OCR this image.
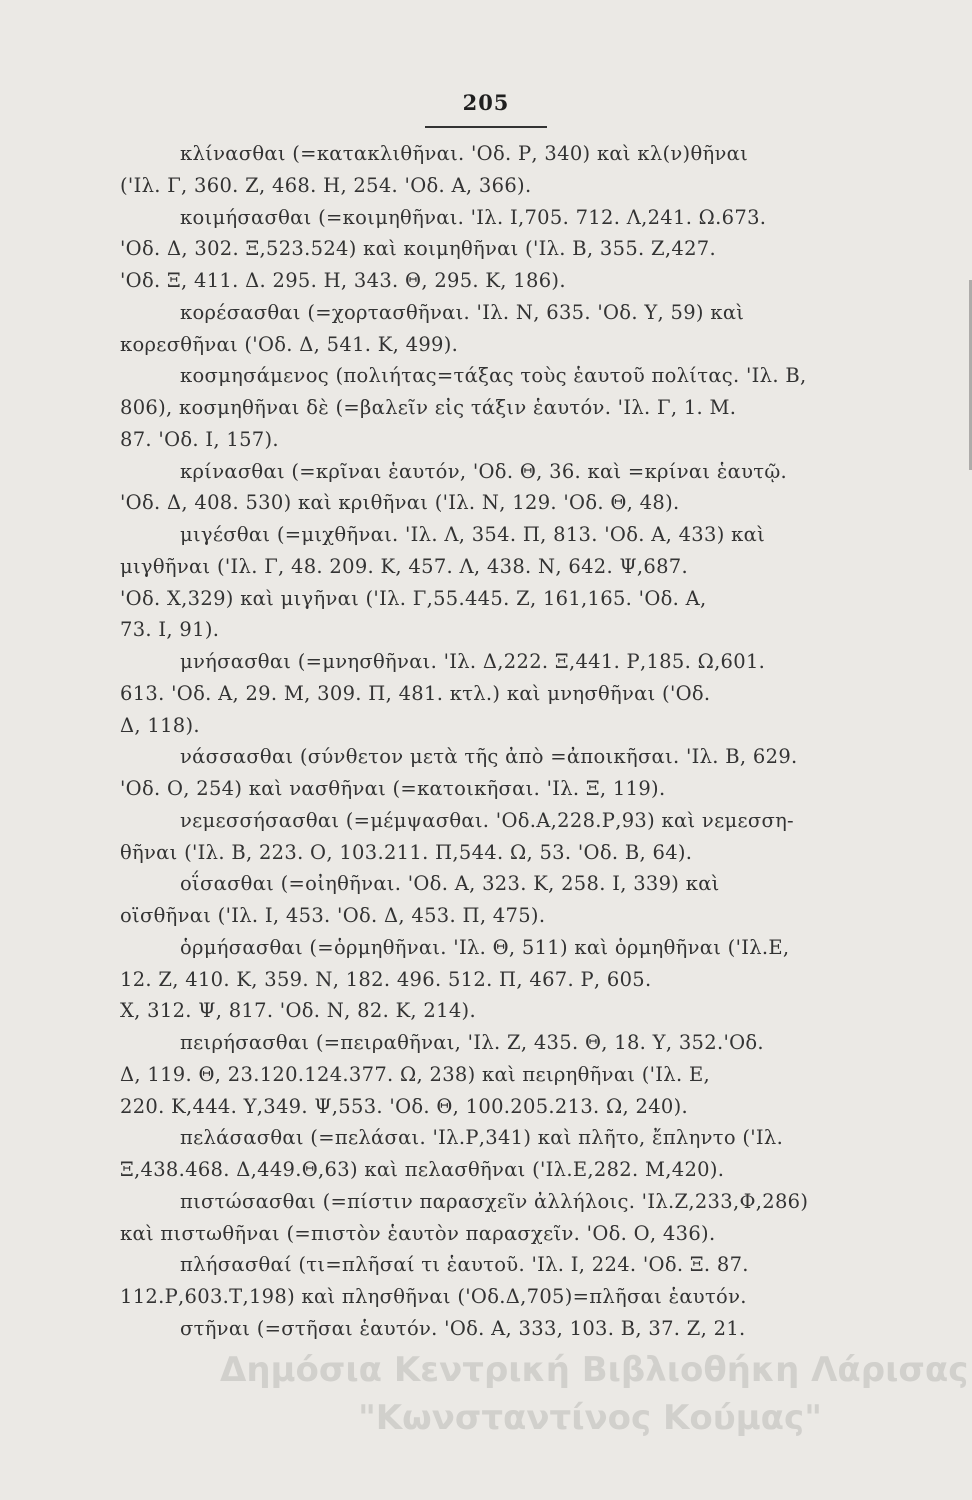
205
κλίνασθαι (=κατακλιθῆναι. 'Οδ. Ρ, 340) καὶ κλ(ν)θῆναι
('Ιλ. Γ, 360. Ζ, 468. Η, 254. 'Οδ. Α, 366).
κοιμήσασθαι (=κοιμηθῆναι. 'Ιλ. Ι,705. 712. Λ,241. Ω.673.
'Οδ. Δ, 302. Ξ,523.524) καὶ κοιμηθῆναι ('Ιλ. Β, 355. Ζ,427.
'Οδ. Ξ, 411. Δ. 295. Η, 343. Θ, 295. Κ, 186).
κορέσασθαι (=χορτασθῆναι. 'Ιλ. Ν, 635. 'Οδ. Υ, 59) καὶ
κορεσθῆναι ('Οδ. Δ, 541. Κ, 499).
κοσμησάμενος (πολιήτας=τάξας τοὺς ἑαυτοῦ πολίτας. 'Ιλ. Β,
806), κοσμηθῆναι δὲ (=βαλεῖν εἰς τάξιν ἑαυτόν. 'Ιλ. Γ, 1. Μ.
87. 'Οδ. Ι, 157).
κρίνασθαι (=κρῖναι ἑαυτόν, 'Οδ. Θ, 36. καὶ =κρίναι ἑαυτῷ.
'Οδ. Δ, 408. 530) καὶ κριθῆναι ('Ιλ. Ν, 129. 'Οδ. Θ, 48).
μιγέσθαι (=μιχθῆναι. 'Ιλ. Λ, 354. Π, 813. 'Οδ. Α, 433) καὶ
μιγθῆναι ('Ιλ. Γ, 48. 209. Κ, 457. Λ, 438. Ν, 642. Ψ,687.
'Οδ. Χ,329) καὶ μιγῆναι ('Ιλ. Γ,55.445. Ζ, 161,165. 'Οδ. Α,
73. Ι, 91).
μνήσασθαι (=μνησθῆναι. 'Ιλ. Δ,222. Ξ,441. Ρ,185. Ω,601.
613. 'Οδ. Α, 29. Μ, 309. Π, 481. κτλ.) καὶ μνησθῆναι ('Οδ.
Δ, 118).
νάσσασθαι (σύνθετον μετὰ τῆς ἀπὸ =ἀποικῆσαι. 'Ιλ. Β, 629.
'Οδ. Ο, 254) καὶ νασθῆναι (=κατοικῆσαι. 'Ιλ. Ξ, 119).
νεμεσσήσασθαι (=μέμψασθαι. 'Οδ.Α,228.Ρ,93) καὶ νεμεσση-
θῆναι ('Ιλ. Β, 223. Ο, 103.211. Π,544. Ω, 53. 'Οδ. Β, 64).
οΐσασθαι (=οἰηθῆναι. 'Οδ. Α, 323. Κ, 258. Ι, 339) καὶ
οϊσθῆναι ('Ιλ. Ι, 453. 'Οδ. Δ, 453. Π, 475).
ὁρμήσασθαι (=ὁρμηθῆναι. 'Ιλ. Θ, 511) καὶ ὁρμηθῆναι ('Ιλ.Ε,
12. Ζ, 410. Κ, 359. Ν, 182. 496. 512. Π, 467. Ρ, 605.
Χ, 312. Ψ, 817. 'Οδ. Ν, 82. Κ, 214).
πειρήσασθαι (=πειραθῆναι, 'Ιλ. Ζ, 435. Θ, 18. Υ, 352.'Οδ.
Δ, 119. Θ, 23.120.124.377. Ω, 238) καὶ πειρηθῆναι ('Ιλ. Ε,
220. Κ,444. Υ,349. Ψ,553. 'Οδ. Θ, 100.205.213. Ω, 240).
πελάσασθαι (=πελάσαι. 'Ιλ.Ρ,341) καὶ πλῆτο, ἔπληντο ('Ιλ.
Ξ,438.468. Δ,449.Θ,63) καὶ πελασθῆναι ('Ιλ.Ε,282. Μ,420).
πιστώσασθαι (=πίστιν παρασχεῖν ἀλλήλοις. 'Ιλ.Ζ,233,Φ,286)
καὶ πιστωθῆναι (=πιστὸν ἑαυτὸν παρασχεῖν. 'Οδ. Ο, 436).
πλήσασθαί (τι=πλῆσαί τι ἑαυτοῦ. 'Ιλ. Ι, 224. 'Οδ. Ξ. 87.
112.Ρ,603.Τ,198) καὶ πλησθῆναι ('Οδ.Δ,705)=πλῆσαι ἑαυτόν.
στῆναι (=στῆσαι ἑαυτόν. 'Οδ. Α, 333, 103. Β, 37. Ζ, 21.
Δημόσια Κεντρική Βιβλιοθήκη Λάρισας
"Κωνσταντίνος Κούμας"
